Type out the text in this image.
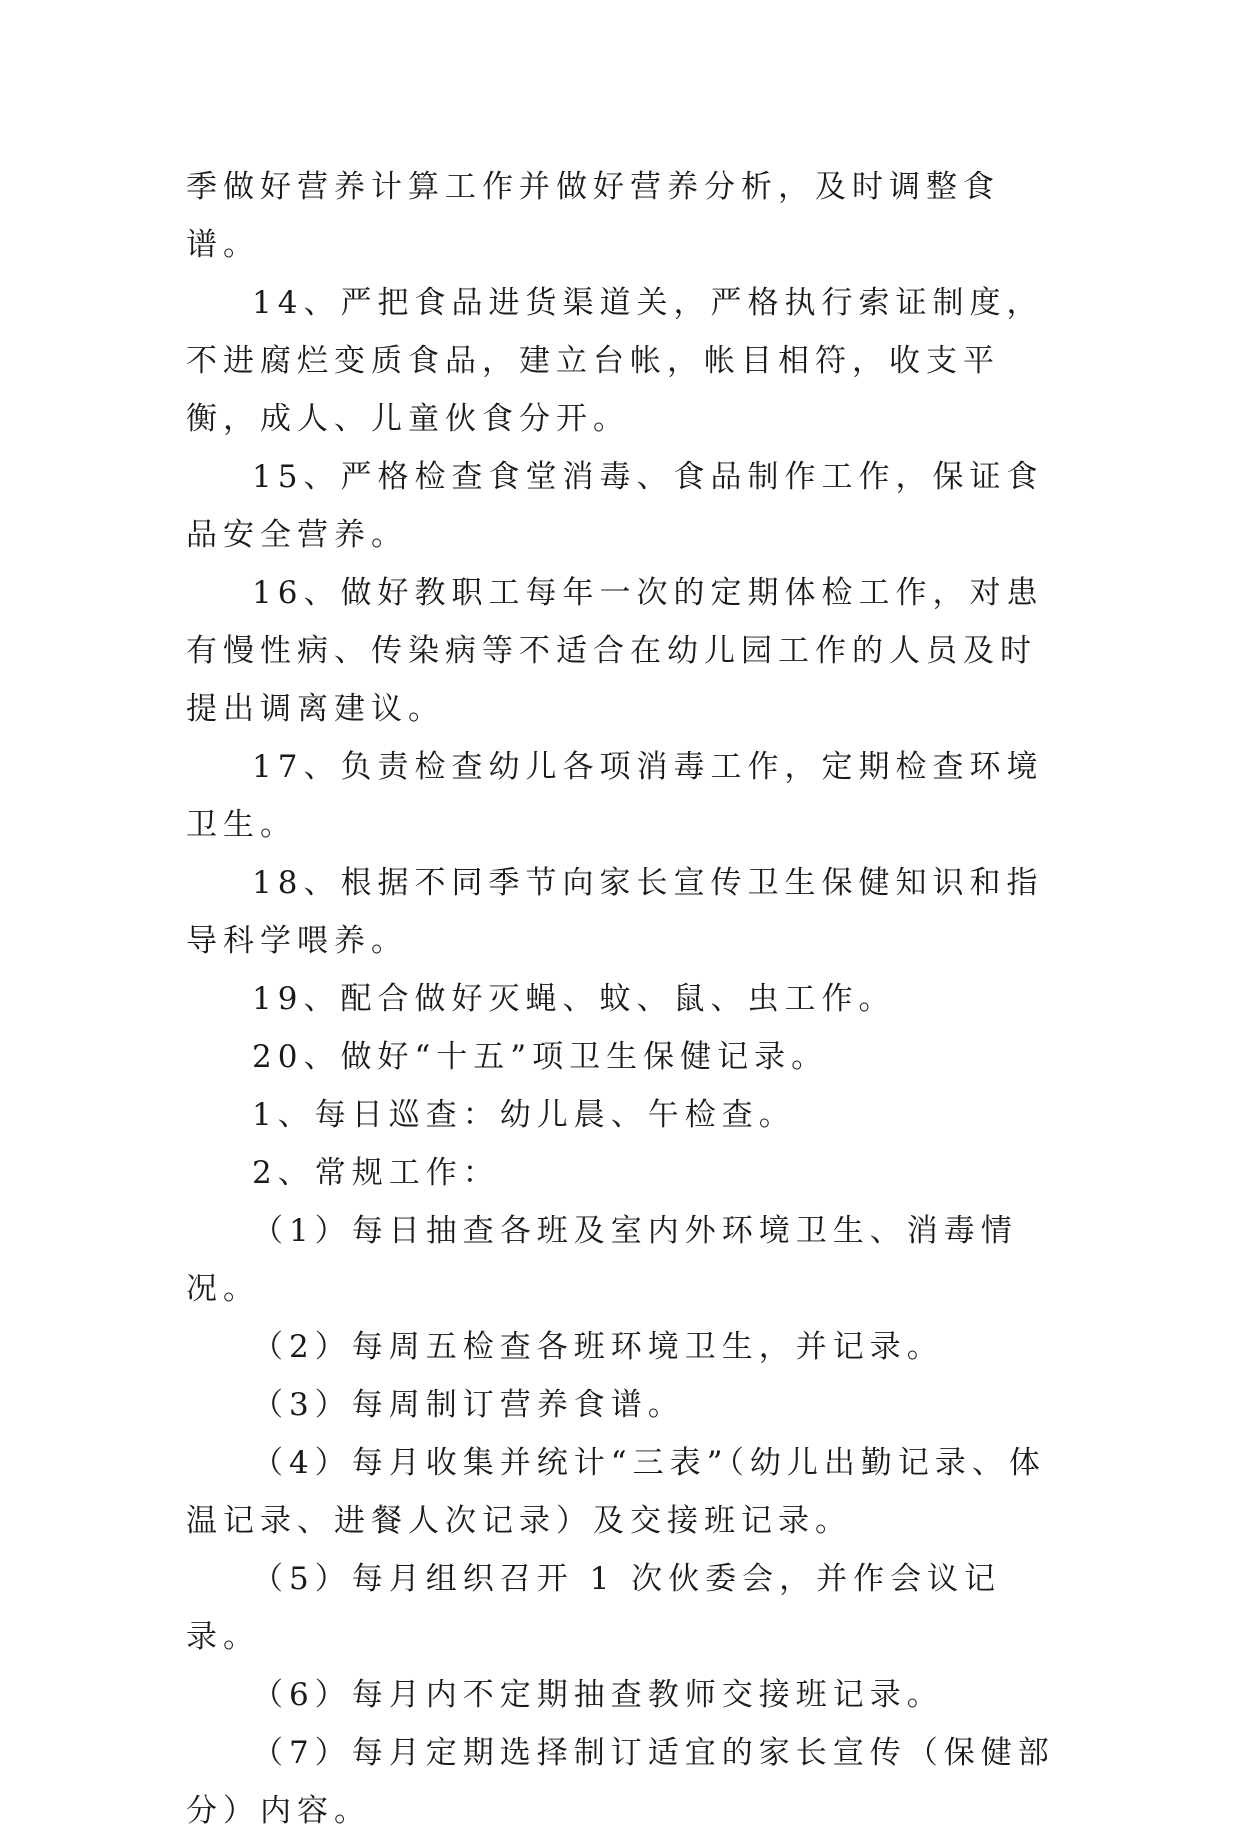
季做好营养计算工作并做好营养分析，及时调整食谱。

14、严把食品进货渠道关，严格执行索证制度，不进腐烂变质食品，建立台帐，帐目相符，收支平衡，成人、儿童伙食分开。

15、严格检查食堂消毒、食品制作工作，保证食品安全营养。

16、做好教职工每年一次的定期体检工作，对患有慢性病、传染病等不适合在幼儿园工作的人员及时提出调离建议。

17、负责检查幼儿各项消毒工作，定期检查环境卫生。

18、根据不同季节向家长宣传卫生保健知识和指导科学喂养。

19、配合做好灭蝇、蚊、鼠、虫工作。

20、做好“十五”项卫生保健记录。

1、每日巡查：幼儿晨、午检查。

2、常规工作：

（1）每日抽查各班及室内外环境卫生、消毒情况。

（2）每周五检查各班环境卫生，并记录。

（3）每周制订营养食谱。

（4）每月收集并统计“三表”（幼儿出勤记录、体温记录、进餐人次记录）及交接班记录。

（5）每月组织召开 1 次伙委会，并作会议记录。

（6）每月内不定期抽查教师交接班记录。

（7）每月定期选择制订适宜的家长宣传（保健部分）内容。
